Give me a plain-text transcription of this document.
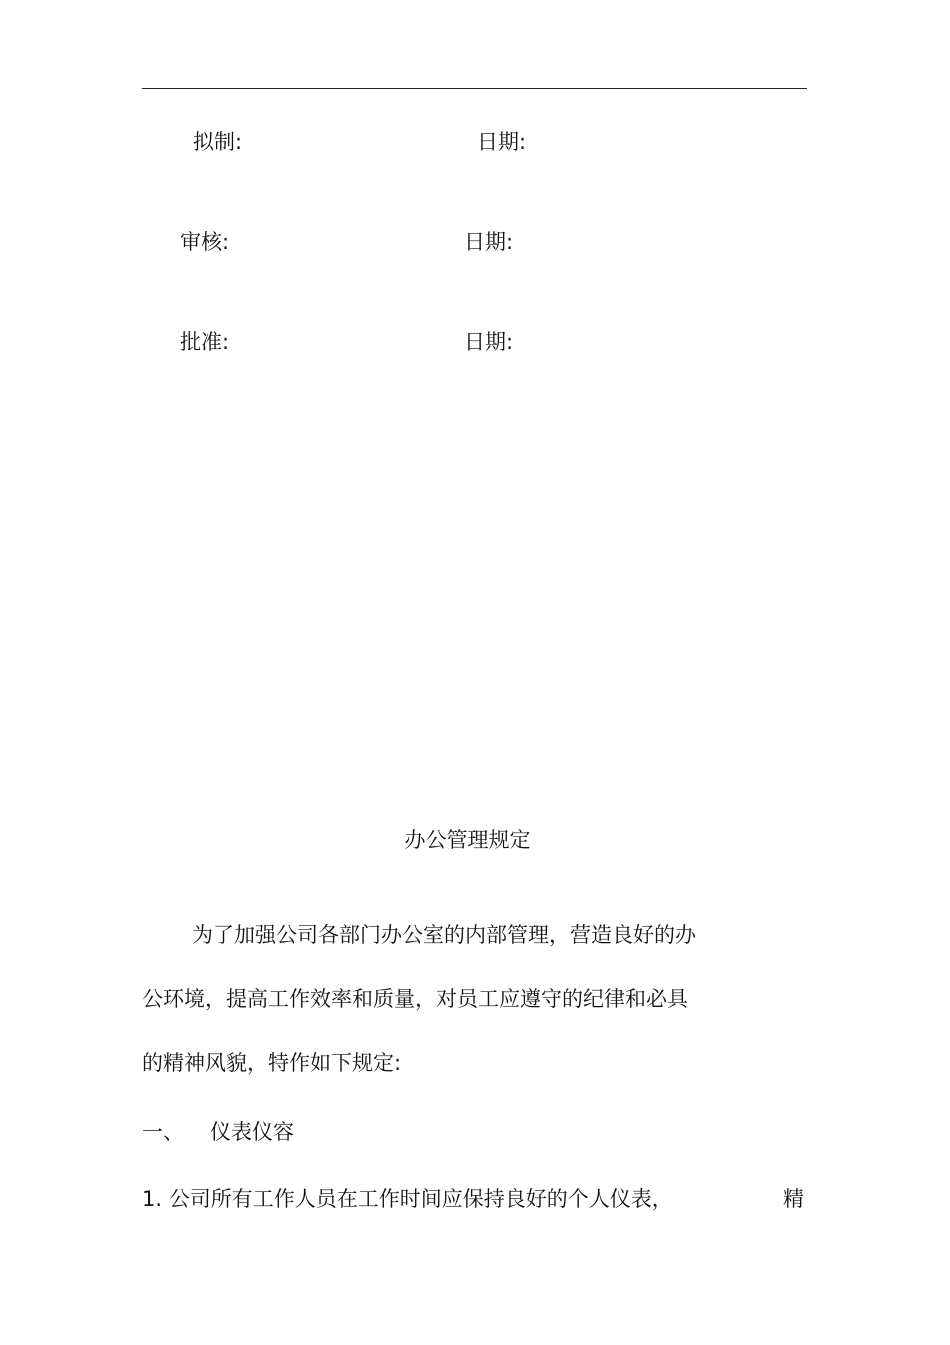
拟制:	日期:
审核:	日期:
批准:	日期:
办公管理规定
为了加强公司各部门办公室的内部管理，营造良好的办
公环境，提高工作效率和质量，对员工应遵守的纪律和必具
的精神风貌，特作如下规定:
一、 仪表仪容
1. 公司所有工作人员在工作时间应保持良好的个人仪表，	精
